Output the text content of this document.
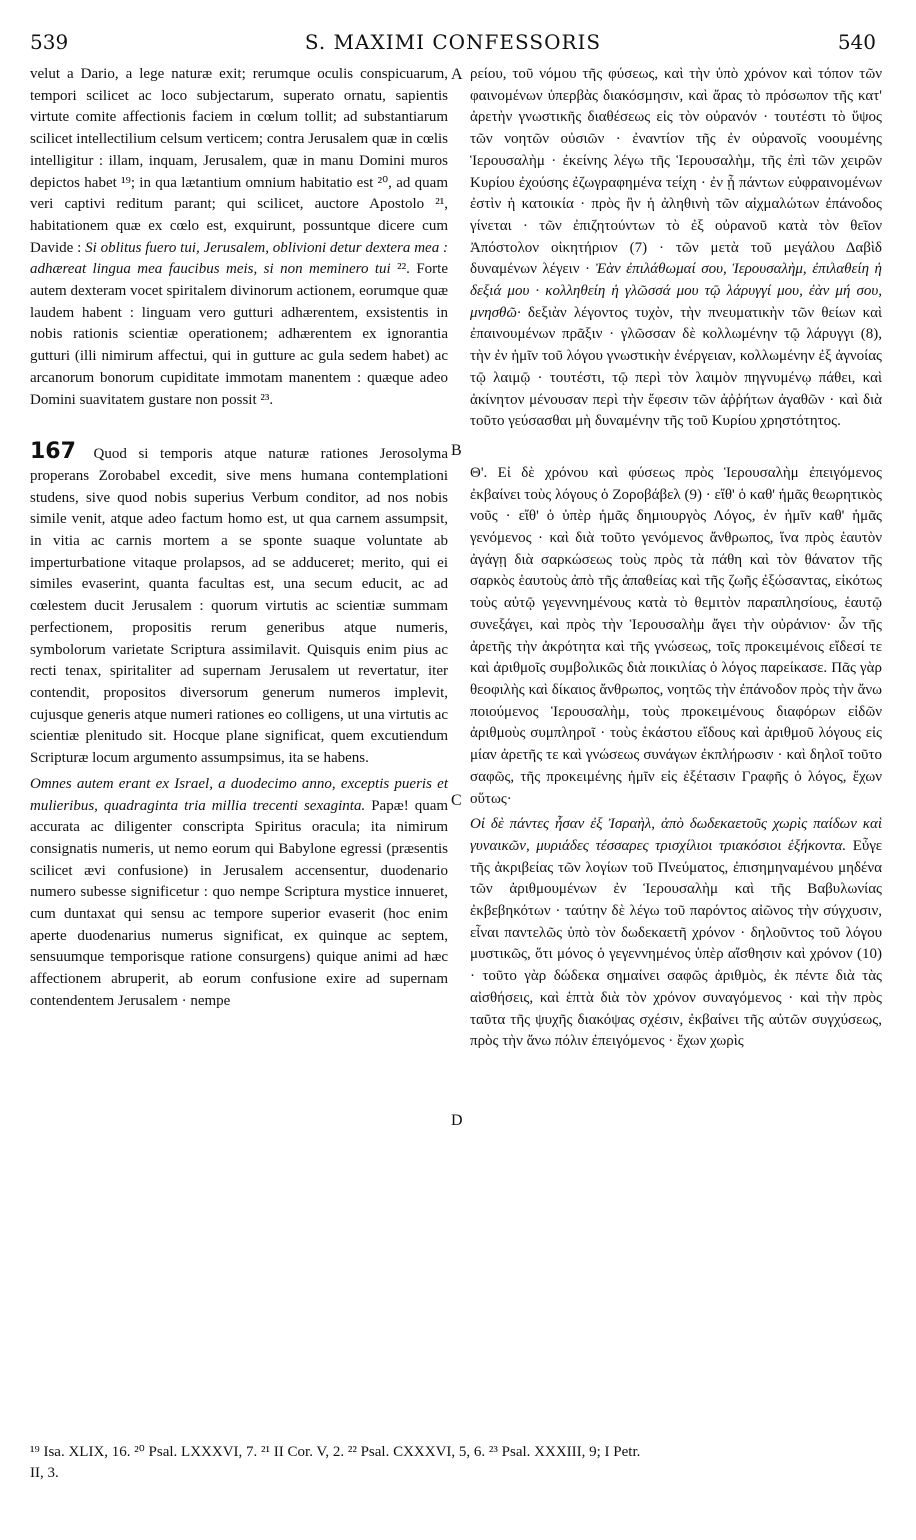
539	S. MAXIMI CONFESSORIS	540

velut a Dario, a lege naturæ exit; rerumque oculis conspicuarum, tempori scilicet ac loco subjectarum, superato ornatu, sapientis virtute comite affectionis faciem in cœlum tollit; ad substantiarum scilicet intellectilium celsum verticem; contra Jerusalem quæ in cœlis intelligitur : illam, inquam, Jerusalem, quæ in manu Domini muros depictos habet ¹⁹; in qua lætantium omnium habitatio est ²⁰, ad quam veri captivi reditum parant; qui scilicet, auctore Apostolo ²¹, habitationem quæ ex cœlo est, exquirunt, possuntque dicere cum Davide : Si oblitus fuero tui, Jerusalem, oblivioni detur dextera mea : adhæreat lingua mea faucibus meis, si non meminero tui ²². Forte autem dexteram vocet spiritalem divinorum actionem, eorumque quæ laudem habent : linguam vero gutturi adhærentem, exsistentis in nobis rationis scientiæ operationem; adhærentem ex ignorantia gutturi (illi nimirum affectui, qui in gutture ac gula sedem habet) ac arcanorum bonorum cupiditate immotam manentem : quæque adeo Domini suavitatem gustare non possit ²³.

167 Quod si temporis atque naturæ rationes Jerosolyma properans Zorobabel excedit, sive mens humana contemplationi studens, sive quod nobis superius Verbum conditor, ad nos nobis simile venit, atque adeo factum homo est, ut qua carnem assumpsit, in vitia ac carnis mortem a se sponte suaque voluntate ab imperturbatione vitaque prolapsos, ad se adduceret; merito, qui ei similes evaserint, quanta facultas est, una secum educit, ac ad cœlestem ducit Jerusalem : quorum virtutis ac scientiæ summam perfectionem, propositis rerum generibus atque numeris, symbolorum varietate Scriptura assimilavit. Quisquis enim pius ac recti tenax, spiritaliter ad supernam Jerusalem ut revertatur, iter contendit, propositos diversorum generum numeros implevit, cujusque generis atque numeri rationes eo colligens, ut una virtutis ac scientiæ plenitudo sit. Hocque plane significat, quem excutiendum Scripturæ locum argumento assumpsimus, ita se habens.

Omnes autem erant ex Israel, a duodecimo anno, exceptis pueris et mulieribus, quadraginta tria millia trecenti sexaginta. Papæ! quam accurata ac diligenter conscripta Spiritus oracula; ita nimirum consignatis numeris, ut nemo eorum qui Babylone egressi (præsentis scilicet ævi confusione) in Jerusalem accensentur, duodenario numero subesse significetur : quo nempe Scriptura mystice innueret, cum duntaxat qui sensu ac tempore superior evaserit (hoc enim aperte duodenarius numerus significat, ex quinque ac septem, sensuumque temporisque ratione consurgens) quique animi ad hæc affectionem abruperit, ab eorum confusione exire ad supernam contendentem Jerusalem · nempe

A
B
C
D

ρείου, τοῦ νόμου τῆς φύσεως, καὶ τὴν ὑπὸ χρόνον καὶ τόπον τῶν φαινομένων ὑπερβὰς διακόσμησιν, καὶ ἄρας τὸ πρόσωπον τῆς κατ' ἀρετὴν γνωστικῆς διαθέσεως εἰς τὸν οὐρανόν · τουτέστι τὸ ὕψος τῶν νοητῶν οὐσιῶν · ἐναντίον τῆς ἐν οὐρανοῖς νοουμένης Ἱερουσαλὴμ · ἐκείνης λέγω τῆς Ἱερουσαλὴμ, τῆς ἐπὶ τῶν χειρῶν Κυρίου ἐχούσης ἐζωγραφημένα τείχη · ἐν ᾗ πάντων εὐφραινομένων ἐστὶν ἡ κατοικία · πρὸς ἣν ἡ ἀληθινὴ τῶν αἰχμαλώτων ἐπάνοδος γίνεται · τῶν ἐπιζητούντων τὸ ἐξ οὐρανοῦ κατὰ τὸν θεῖον Ἀπόστολον οἰκητήριον (7) · τῶν μετὰ τοῦ μεγάλου Δαβὶδ δυναμένων λέγειν · Ἐὰν ἐπιλάθωμαί σου, Ἱερουσαλὴμ, ἐπιλαθείη ἡ δεξιά μου · κολληθείη ἡ γλῶσσά μου τῷ λάρυγγί μου, ἐὰν μή σου, μνησθῶ· δεξιὰν λέγοντος τυχὸν, τὴν πνευματικὴν τῶν θείων καὶ ἐπαινουμένων πρᾶξιν · γλῶσσαν δὲ κολλωμένην τῷ λάρυγγι (8), τὴν ἐν ἡμῖν τοῦ λόγου γνωστικὴν ἐνέργειαν, κολλωμένην ἐξ ἀγνοίας τῷ λαιμῷ · τουτέστι, τῷ περὶ τὸν λαιμὸν πηγνυμένῳ πάθει, καὶ ἀκίνητον μένουσαν περὶ τὴν ἔφεσιν τῶν ἀῤῥήτων ἀγαθῶν · καὶ διὰ τοῦτο γεύσασθαι μὴ δυναμένην τῆς τοῦ Κυρίου χρηστότητος.

Θ'. Εἰ δὲ χρόνου καὶ φύσεως πρὸς Ἱερουσαλὴμ ἐπειγόμενος ἐκβαίνει τοὺς λόγους ὁ Ζοροβάβελ (9) · εἴθ' ὁ καθ' ἡμᾶς θεωρητικὸς νοῦς · εἴθ' ὁ ὑπὲρ ἡμᾶς δημιουργὸς Λόγος, ἐν ἡμῖν καθ' ἡμᾶς γενόμενος · καὶ διὰ τοῦτο γενόμενος ἄνθρωπος, ἵνα πρὸς ἑαυτὸν ἀγάγῃ διὰ σαρκώσεως τοὺς πρὸς τὰ πάθη καὶ τὸν θάνατον τῆς σαρκὸς ἑαυτοὺς ἀπὸ τῆς ἀπαθείας καὶ τῆς ζωῆς ἐξώσαντας, εἰκότως τοὺς αὐτῷ γεγεννημένους κατὰ τὸ θεμιτὸν παραπλησίους, ἑαυτῷ συνεξάγει, καὶ πρὸς τὴν Ἱερουσαλὴμ ἄγει τὴν οὐράνιον· ὧν τῆς ἀρετῆς τὴν ἀκρότητα καὶ τῆς γνώσεως, τοῖς προκειμένοις εἴδεσί τε καὶ ἀριθμοῖς συμβολικῶς διὰ ποικιλίας ὁ λόγος παρείκασε. Πᾶς γὰρ θεοφιλὴς καὶ δίκαιος ἄνθρωπος, νοητῶς τὴν ἐπάνοδον πρὸς τὴν ἄνω ποιούμενος Ἱερουσαλὴμ, τοὺς προκειμένους διαφόρων εἰδῶν ἀριθμοὺς συμπληροῖ · τοὺς ἑκάστου εἴδους καὶ ἀριθμοῦ λόγους εἰς μίαν ἀρετῆς τε καὶ γνώσεως συνάγων ἐκπλήρωσιν · καὶ δηλοῖ τοῦτο σαφῶς, τῆς προκειμένης ἡμῖν εἰς ἐξέτασιν Γραφῆς ὁ λόγος, ἔχων οὕτως·

Οἱ δὲ πάντες ἦσαν ἐξ Ἰσραὴλ, ἀπὸ δωδεκαετοῦς χωρὶς παίδων καὶ γυναικῶν, μυριάδες τέσσαρες τρισχίλιοι τριακόσιοι ἑξήκοντα. Εὖγε τῆς ἀκριβείας τῶν λογίων τοῦ Πνεύματος, ἐπισημηναμένου μηδένα τῶν ἀριθμουμένων ἐν Ἱερουσαλὴμ καὶ τῆς Βαβυλωνίας ἐκβεβηκότων · ταύτην δὲ λέγω τοῦ παρόντος αἰῶνος τὴν σύγχυσιν, εἶναι παντελῶς ὑπὸ τὸν δωδεκαετῆ χρόνον · δηλοῦντος τοῦ λόγου μυστικῶς, ὅτι μόνος ὁ γεγεννημένος ὑπὲρ αἴσθησιν καὶ χρόνον (10) · τοῦτο γὰρ δώδεκα σημαίνει σαφῶς ἀριθμὸς, ἐκ πέντε διὰ τὰς αἰσθήσεις, καὶ ἑπτὰ διὰ τὸν χρόνον συναγόμενος · καὶ τὴν πρὸς ταῦτα τῆς ψυχῆς διακόψας σχέσιν, ἐκβαίνει τῆς αὐτῶν συγχύσεως, πρὸς τὴν ἄνω πόλιν ἐπειγόμενος · ἔχων χωρὶς

¹⁹ Isa. XLIX, 16. ²⁰ Psal. LXXXVI, 7. ²¹ II Cor. V, 2. ²² Psal. CXXXVI, 5, 6. ²³ Psal. XXXIII, 9; I Petr.

II, 3.
